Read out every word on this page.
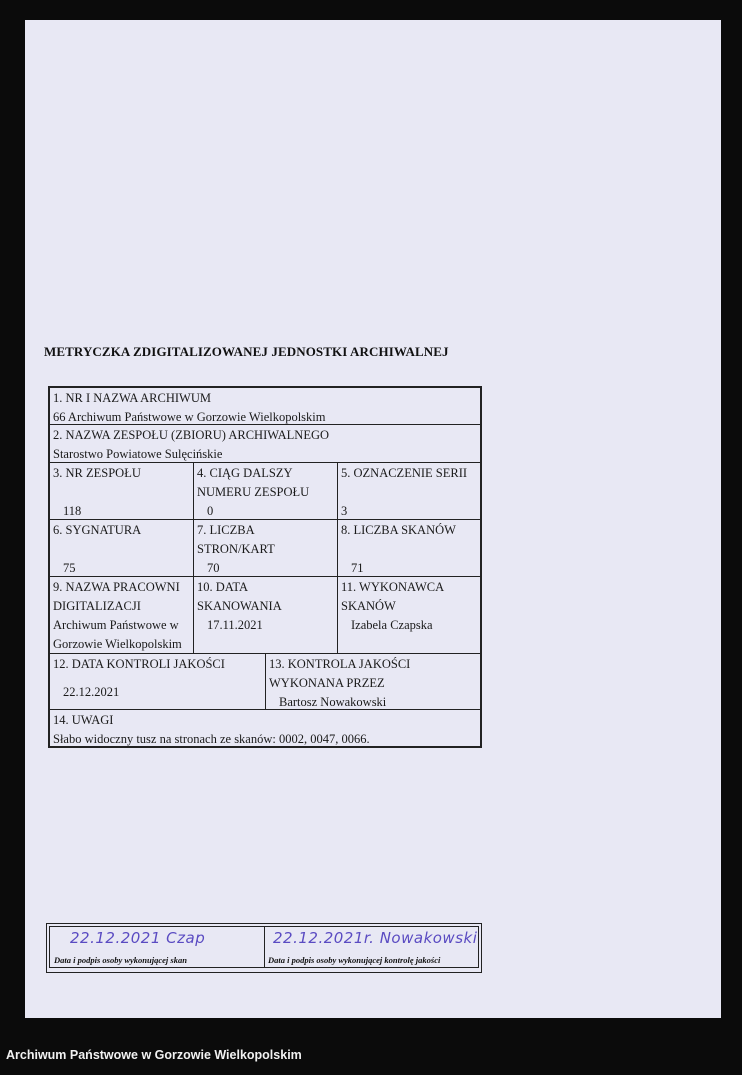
METRYCZKA ZDIGITALIZOWANEJ JEDNOSTKI ARCHIWALNEJ
1. NR I NAZWA ARCHIWUM
66 Archiwum Państwowe w Gorzowie Wielkopolskim
2. NAZWA ZESPOŁU (ZBIORU) ARCHIWALNEGO
Starostwo Powiatowe Sulęcińskie
3. NR ZESPOŁU
118
4. CIĄG DALSZY NUMERU ZESPOŁU
0
5. OZNACZENIE SERII
3
6. SYGNATURA
75
7. LICZBA STRON/KART
70
8. LICZBA SKANÓW
71
9. NAZWA PRACOWNI DIGITALIZACJI
Archiwum Państwowe w Gorzowie Wielkopolskim
10. DATA SKANOWANIA
17.11.2021
11. WYKONAWCA SKANÓW
Izabela Czapska
12. DATA KONTROLI JAKOŚCI
22.12.2021
13. KONTROLA JAKOŚCI WYKONANA PRZEZ
Bartosz Nowakowski
14. UWAGI
Słabo widoczny tusz na stronach ze skanów: 0002, 0047, 0066.
22.12.2021 Czap
Data i podpis osoby wykonującej skan
22.12.2021r. Nowakowski
Data i podpis osoby wykonującej kontrolę jakości
Archiwum Państwowe w Gorzowie Wielkopolskim
